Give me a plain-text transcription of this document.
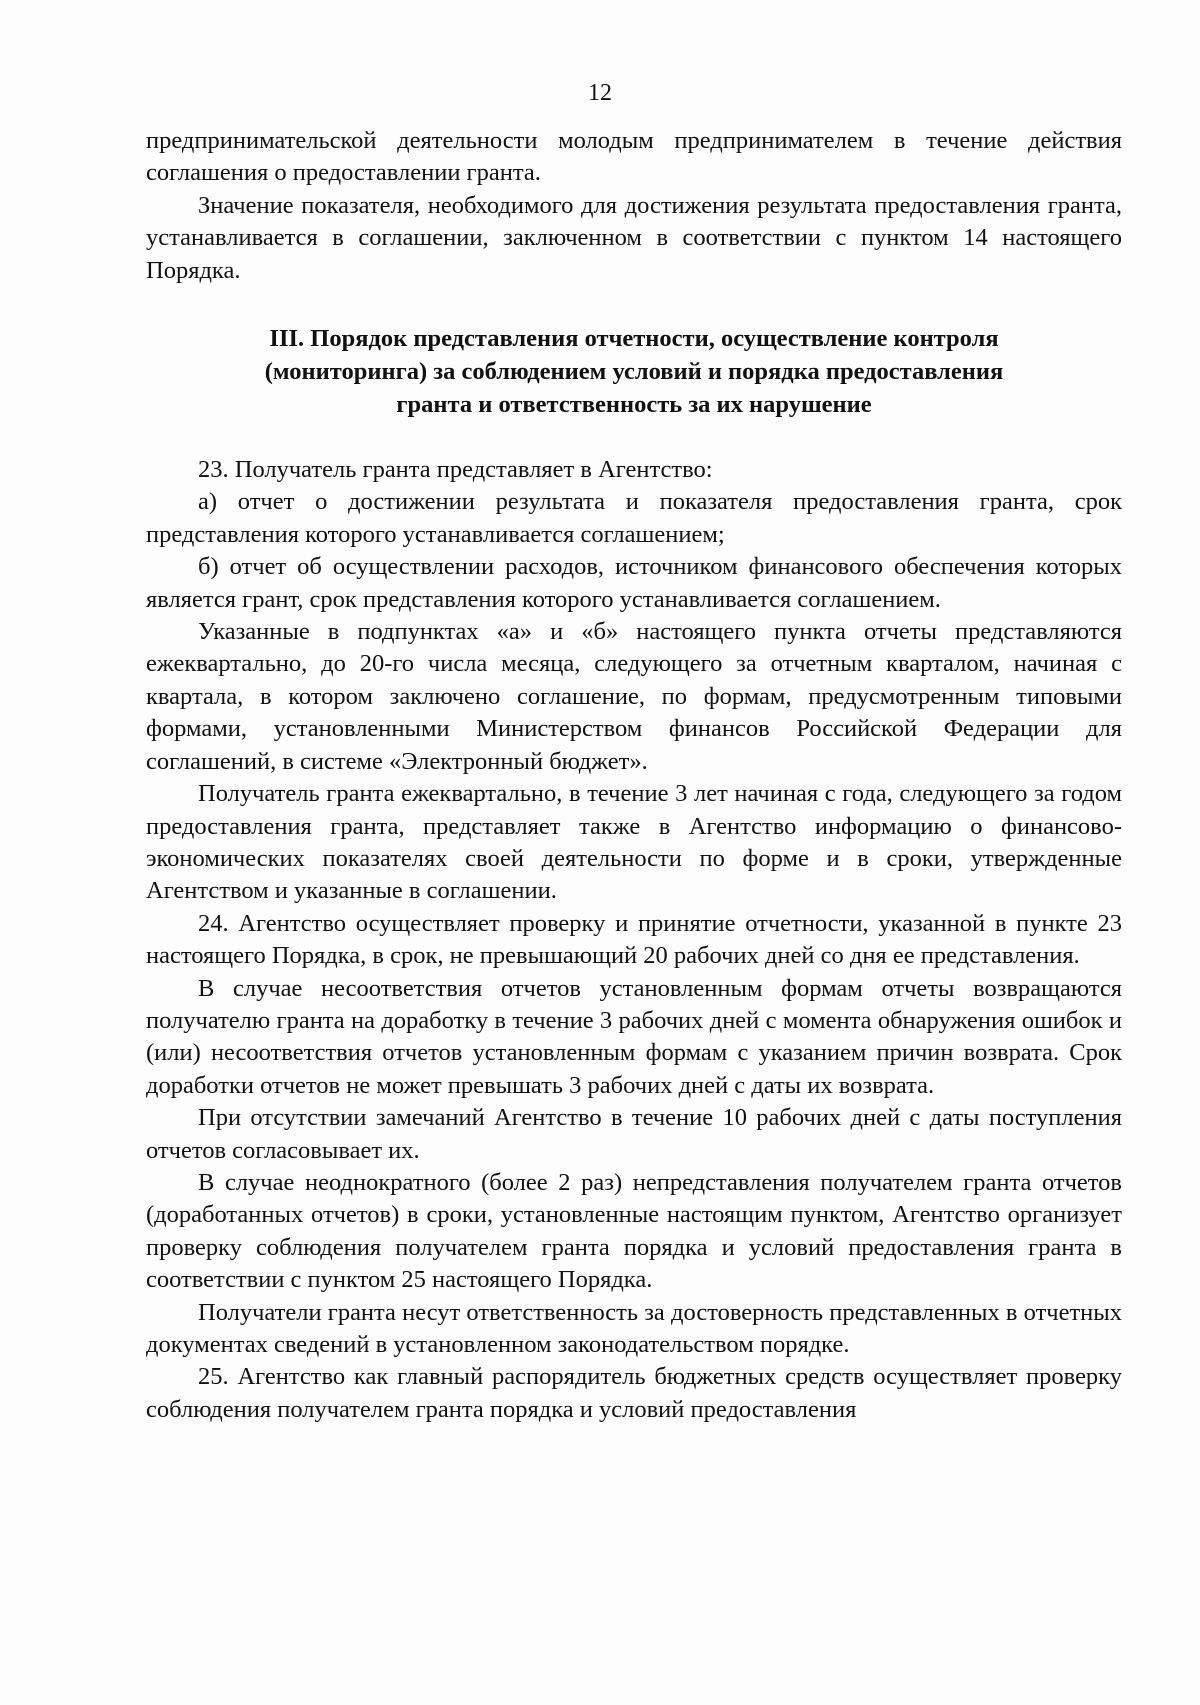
12

предпринимательской деятельности молодым предпринимателем в течение действия соглашения о предоставлении гранта.

Значение показателя, необходимого для достижения результата предоставления гранта, устанавливается в соглашении, заключенном в соответствии с пунктом 14 настоящего Порядка.

III. Порядок представления отчетности, осуществление контроля
(мониторинга) за соблюдением условий и порядка предоставления
гранта и ответственность за их нарушение

23. Получатель гранта представляет в Агентство:

а) отчет о достижении результата и показателя предоставления гранта, срок представления которого устанавливается соглашением;

б) отчет об осуществлении расходов, источником финансового обеспечения которых является грант, срок представления которого устанавливается соглашением.

Указанные в подпунктах «а» и «б» настоящего пункта отчеты представляются ежеквартально, до 20-го числа месяца, следующего за отчетным кварталом, начиная с квартала, в котором заключено соглашение, по формам, предусмотренным типовыми формами, установленными Министерством финансов Российской Федерации для соглашений, в системе «Электронный бюджет».

Получатель гранта ежеквартально, в течение 3 лет начиная с года, следующего за годом предоставления гранта, представляет также в Агентство информацию о финансово-экономических показателях своей деятельности по форме и в сроки, утвержденные Агентством и указанные в соглашении.

24. Агентство осуществляет проверку и принятие отчетности, указанной в пункте 23 настоящего Порядка, в срок, не превышающий 20 рабочих дней со дня ее представления.

В случае несоответствия отчетов установленным формам отчеты возвращаются получателю гранта на доработку в течение 3 рабочих дней с момента обнаружения ошибок и (или) несоответствия отчетов установленным формам с указанием причин возврата. Срок доработки отчетов не может превышать 3 рабочих дней с даты их возврата.

При отсутствии замечаний Агентство в течение 10 рабочих дней с даты поступления отчетов согласовывает их.

В случае неоднократного (более 2 раз) непредставления получателем гранта отчетов (доработанных отчетов) в сроки, установленные настоящим пунктом, Агентство организует проверку соблюдения получателем гранта порядка и условий предоставления гранта в соответствии с пунктом 25 настоящего Порядка.

Получатели гранта несут ответственность за достоверность представленных в отчетных документах сведений в установленном законодательством порядке.

25. Агентство как главный распорядитель бюджетных средств осуществляет проверку соблюдения получателем гранта порядка и условий предоставления
